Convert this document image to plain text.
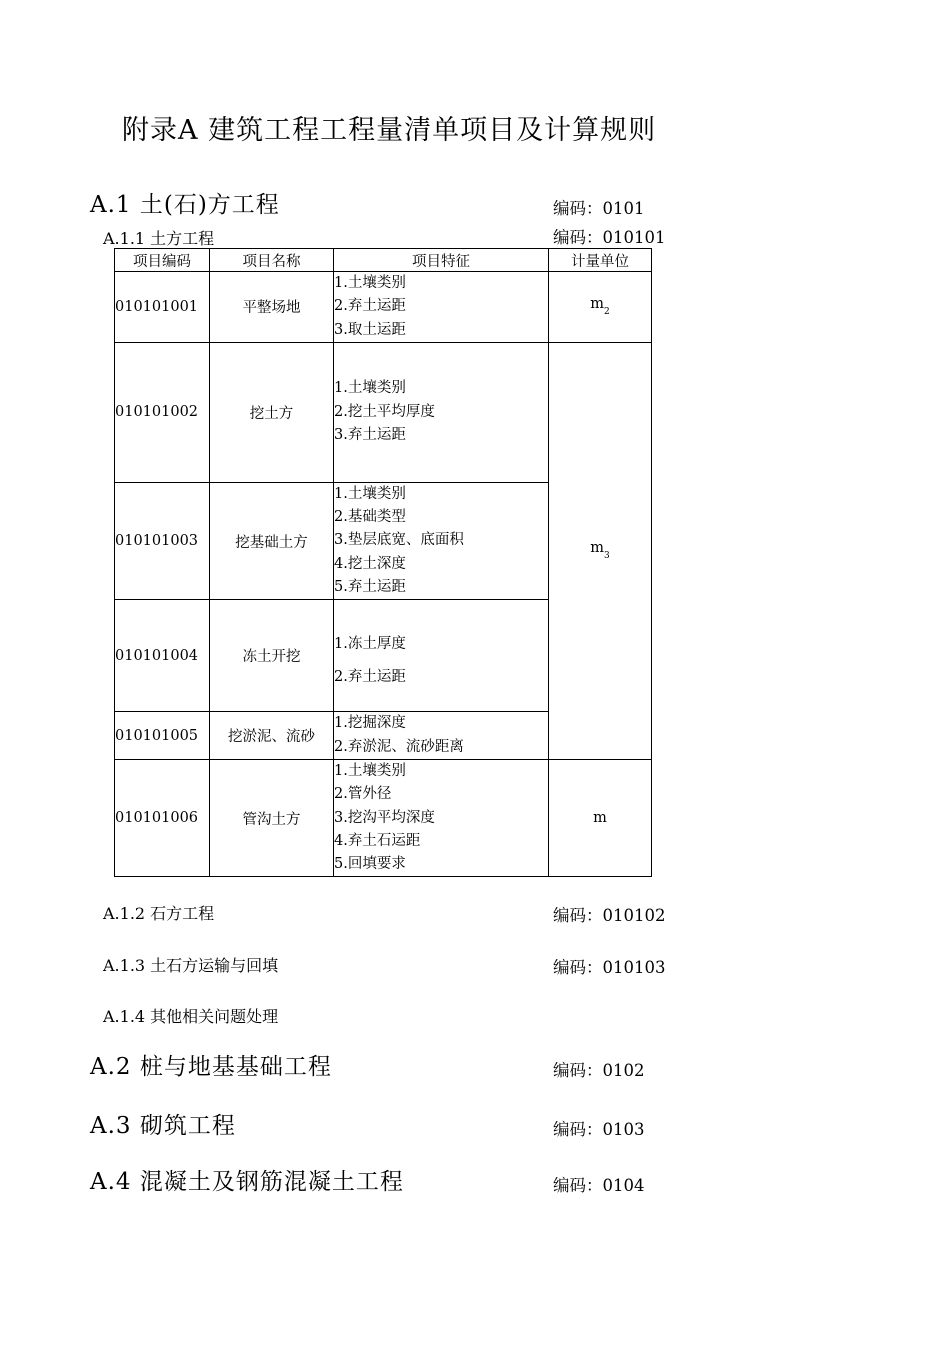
附录A 建筑工程工程量清单项目及计算规则
A.1 土(石)方工程	编码：0101
A.1.1 土方工程	编码：010101
项目编码	项目名称	项目特征	计量单位
010101001	平整场地	1.土壤类别
2.弃土运距
3.取土运距	$m_2$
010101002	挖土方	1.土壤类别
2.挖土平均厚度
3.弃土运距	$m_3$
010101003	挖基础土方	1.土壤类别
2.基础类型
3.垫层底宽、底面积
4.挖土深度
5.弃土运距	

010101004	冻土开挖	1.冻土厚度
2.弃土运距	

010101005	挖淤泥、流砂	1.挖掘深度
2.弃淤泥、流砂距离	

010101006	管沟土方	1.土壤类别
2.管外径
3.挖沟平均深度
4.弃土石运距
5.回填要求	m
A.1.2 石方工程	编码：010102
A.1.3 土石方运输与回填	编码：010103
A.1.4 其他相关问题处理
A.2 桩与地基基础工程	编码：0102
A.3 砌筑工程	编码：0103
A.4 混凝土及钢筋混凝土工程	编码：0104
